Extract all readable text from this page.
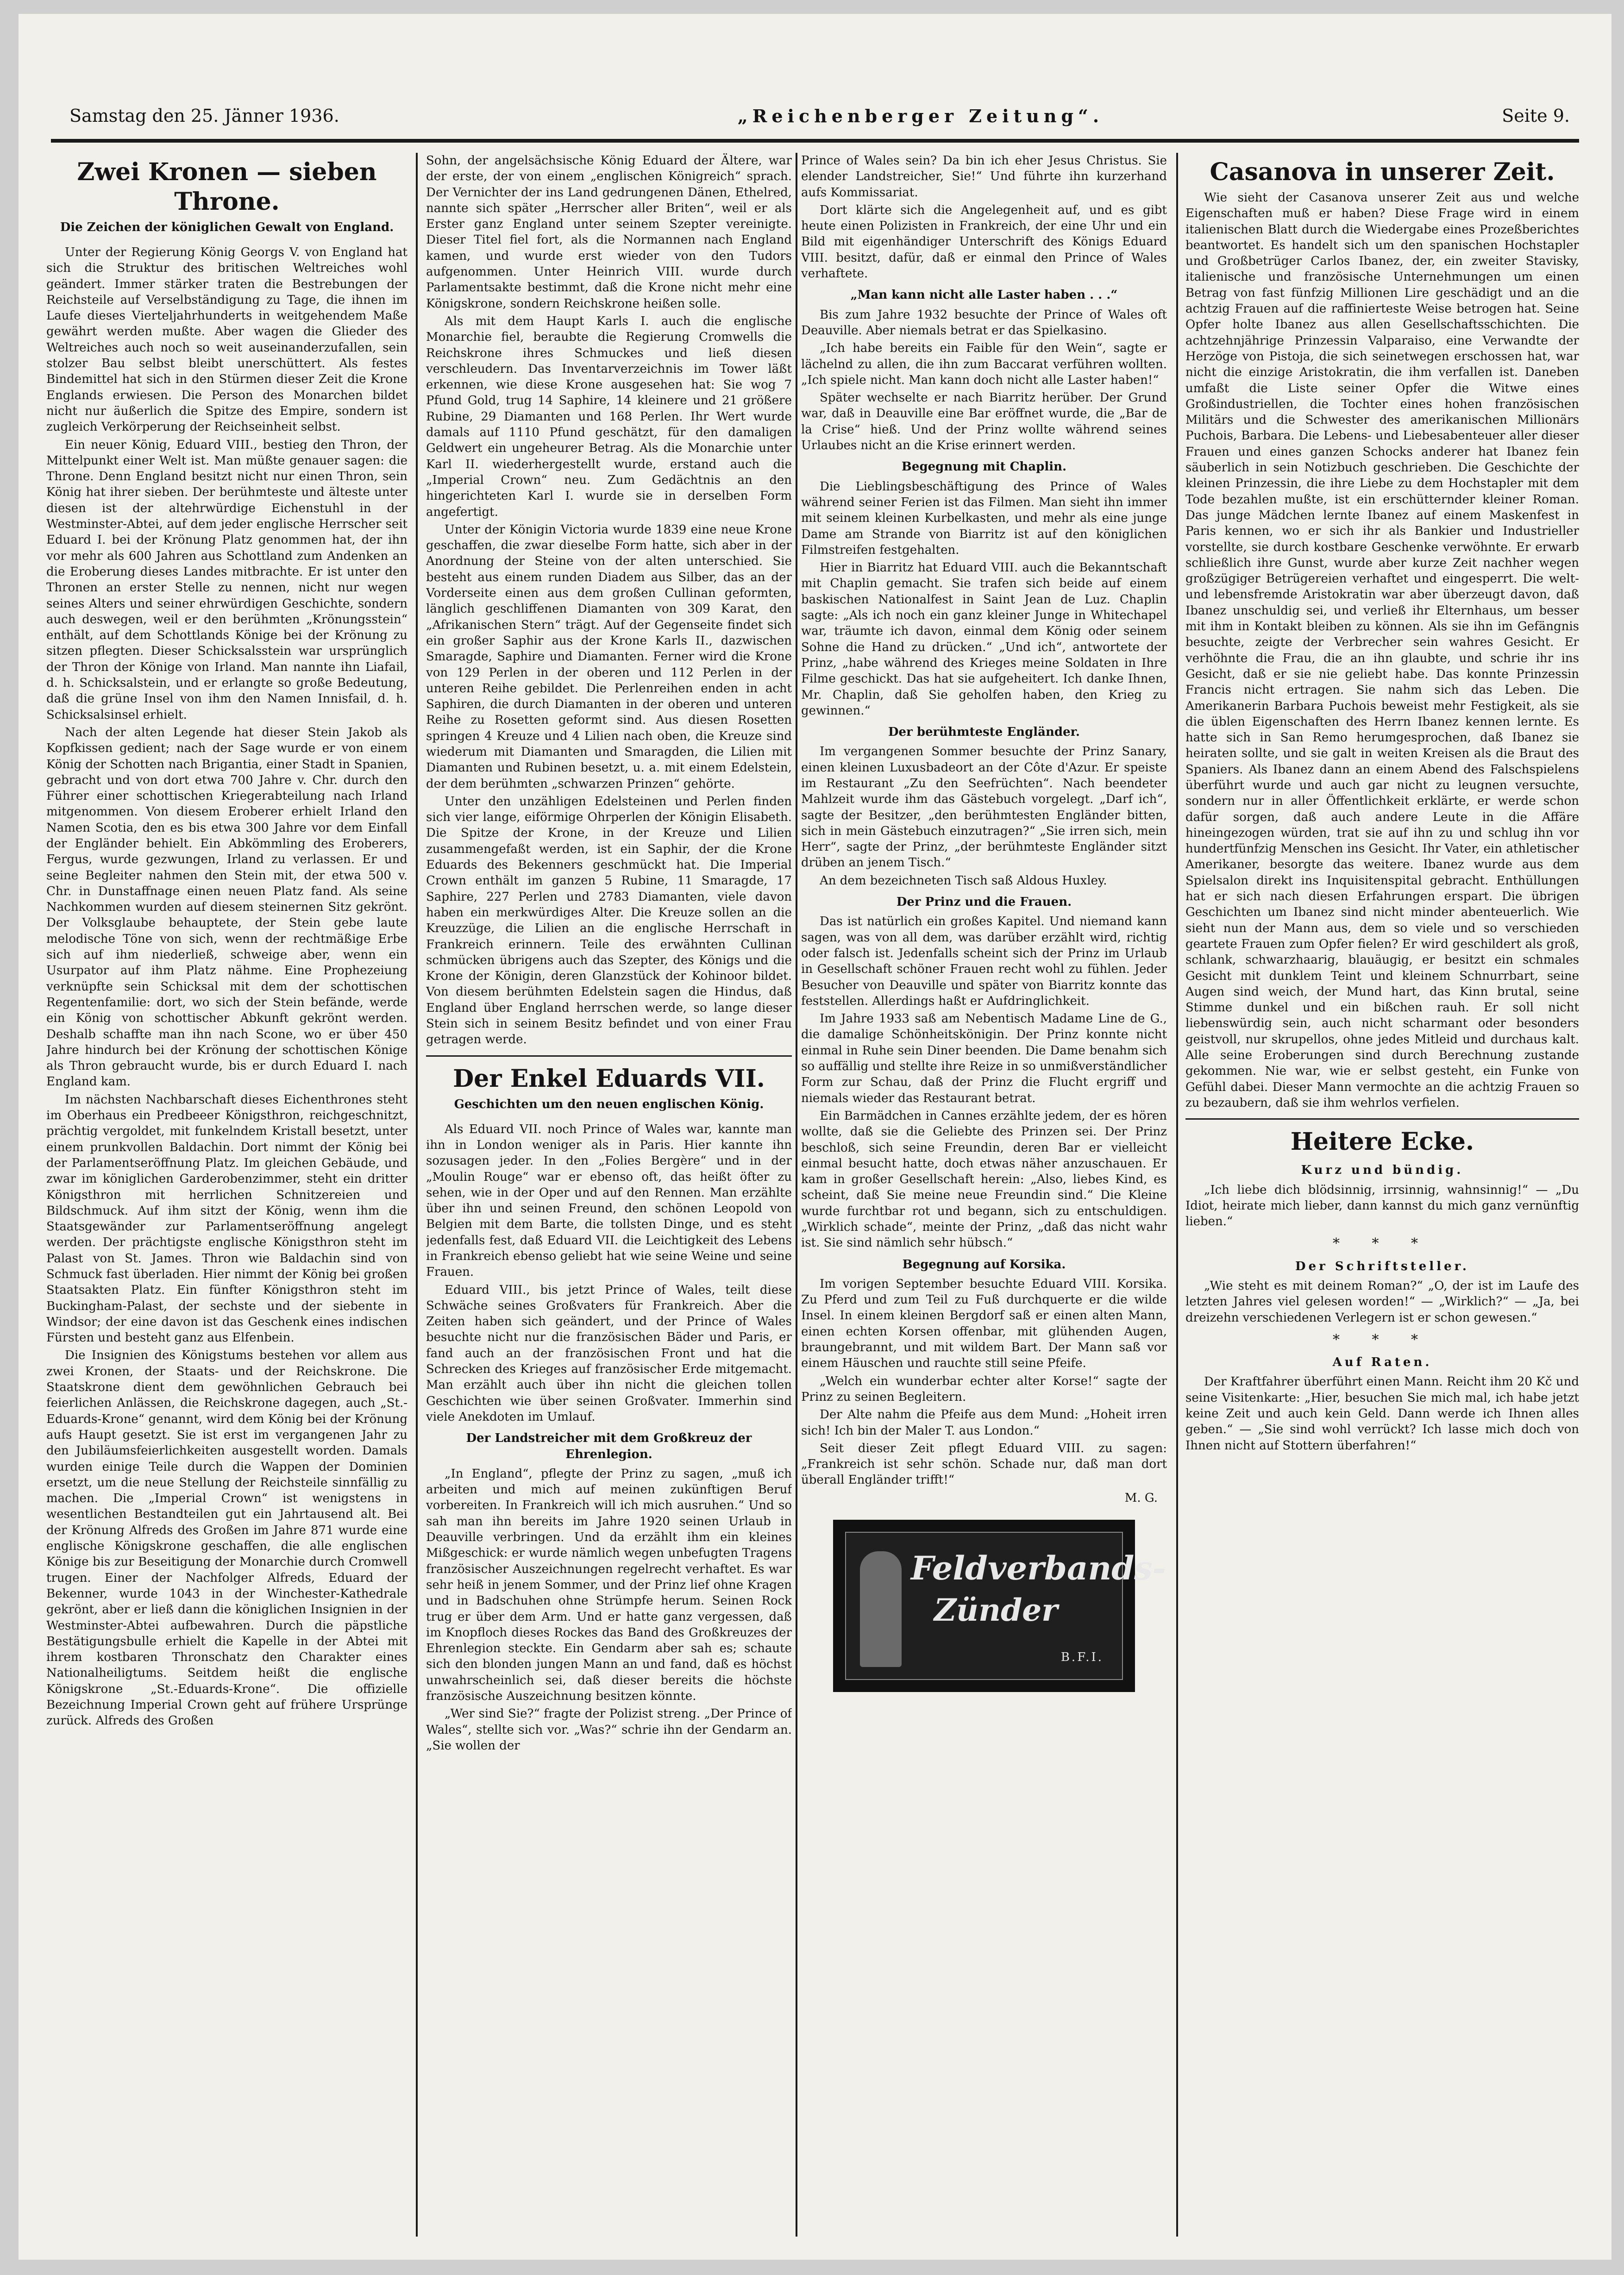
Samstag den 25. Jänner 1936.	„Reichenberger Zeitung“.	Seite 9.
Zwei Kronen — sieben Throne.
Die Zeichen der königlichen Gewalt von England.

Unter der Regierung König Georgs V. von England hat sich die Struktur des britischen Weltreiches wohl geändert. Immer stärker traten die Bestrebungen der Reichsteile auf Verselbständigung zu Tage, die ihnen im Laufe dieses Vierteljahrhunderts in weitgehendem Maße gewährt werden mußte. Aber wagen die Glieder des Weltreiches auch noch so weit auseinanderzufallen, sein stolzer Bau selbst bleibt unerschüttert. Als festes Bindemittel hat sich in den Stürmen dieser Zeit die Krone Englands erwiesen. Die Person des Monarchen bildet nicht nur äußerlich die Spitze des Empire, sondern ist zugleich Verkörperung der Reichseinheit selbst.

Ein neuer König, Eduard VIII., bestieg den Thron, der Mittelpunkt einer Welt ist. Man müßte genauer sagen: die Throne. Denn England besitzt nicht nur einen Thron, sein König hat ihrer sieben. Der berühmteste und älteste unter diesen ist der altehrwürdige Eichenstuhl in der Westminster-Abtei, auf dem jeder englische Herrscher seit Eduard I. bei der Krönung Platz genommen hat, der ihn vor mehr als 600 Jahren aus Schottland zum Andenken an die Eroberung dieses Landes mitbrachte. Er ist unter den Thronen an erster Stelle zu nennen, nicht nur wegen seines Alters und seiner ehrwürdigen Geschichte, sondern auch deswegen, weil er den berühmten „Krönungsstein“ enthält, auf dem Schottlands Könige bei der Krönung zu sitzen pflegten. Dieser Schicksalsstein war ursprünglich der Thron der Könige von Irland. Man nannte ihn Liafail, d. h. Schicksalstein, und er erlangte so große Bedeutung, daß die grüne Insel von ihm den Namen Innisfail, d. h. Schicksalsinsel erhielt.

Nach der alten Legende hat dieser Stein Jakob als Kopfkissen gedient; nach der Sage wurde er von einem König der Schotten nach Brigantia, einer Stadt in Spanien, gebracht und von dort etwa 700 Jahre v. Chr. durch den Führer einer schottischen Kriegerabteilung nach Irland mitgenommen. Von diesem Eroberer erhielt Irland den Namen Scotia, den es bis etwa 300 Jahre vor dem Einfall der Engländer behielt. Ein Abkömmling des Eroberers, Fergus, wurde gezwungen, Irland zu verlassen. Er und seine Begleiter nahmen den Stein mit, der etwa 500 v. Chr. in Dunstaffnage einen neuen Platz fand. Als seine Nachkommen wurden auf diesem steinernen Sitz gekrönt. Der Volksglaube behauptete, der Stein gebe laute melodische Töne von sich, wenn der rechtmäßige Erbe sich auf ihm niederließ, schweige aber, wenn ein Usurpator auf ihm Platz nähme. Eine Prophezeiung verknüpfte sein Schicksal mit dem der schottischen Regentenfamilie: dort, wo sich der Stein befände, werde ein König von schottischer Abkunft gekrönt werden. Deshalb schaffte man ihn nach Scone, wo er über 450 Jahre hindurch bei der Krönung der schottischen Könige als Thron gebraucht wurde, bis er durch Eduard I. nach England kam.

Im nächsten Nachbarschaft dieses Eichenthrones steht im Oberhaus ein Predbeeer Königsthron, reichgeschnitzt, prächtig vergoldet, mit funkelndem Kristall besetzt, unter einem prunkvollen Baldachin. Dort nimmt der König bei der Parlamentseröffnung Platz. Im gleichen Gebäude, und zwar im königlichen Garderobenzimmer, steht ein dritter Königsthron mit herrlichen Schnitzereien und Bildschmuck. Auf ihm sitzt der König, wenn ihm die Staatsgewänder zur Parlamentseröffnung angelegt werden. Der prächtigste englische Königsthron steht im Palast von St. James. Thron wie Baldachin sind von Schmuck fast überladen. Hier nimmt der König bei großen Staatsakten Platz. Ein fünfter Königsthron steht im Buckingham-Palast, der sechste und der siebente in Windsor; der eine davon ist das Geschenk eines indischen Fürsten und besteht ganz aus Elfenbein.

Die Insignien des Königstums bestehen vor allem aus zwei Kronen, der Staats- und der Reichskrone. Die Staatskrone dient dem gewöhnlichen Gebrauch bei feierlichen Anlässen, die Reichskrone dagegen, auch „St.-Eduards-Krone“ genannt, wird dem König bei der Krönung aufs Haupt gesetzt. Sie ist erst im vergangenen Jahr zu den Jubiläumsfeierlichkeiten ausgestellt worden. Damals wurden einige Teile durch die Wappen der Dominien ersetzt, um die neue Stellung der Reichsteile sinnfällig zu machen. Die „Imperial Crown“ ist wenigstens in wesentlichen Bestandteilen gut ein Jahrtausend alt. Bei der Krönung Alfreds des Großen im Jahre 871 wurde eine englische Königskrone geschaffen, die alle englischen Könige bis zur Beseitigung der Monarchie durch Cromwell trugen. Einer der Nachfolger Alfreds, Eduard der Bekenner, wurde 1043 in der Winchester-Kathedrale gekrönt, aber er ließ dann die königlichen Insignien in der Westminster-Abtei aufbewahren. Durch die päpstliche Bestätigungsbulle erhielt die Kapelle in der Abtei mit ihrem kostbaren Thronschatz den Charakter eines Nationalheiligtums. Seitdem heißt die englische Königskrone „St.-Eduards-Krone“. Die offizielle Bezeichnung Imperial Crown geht auf frühere Ursprünge zurück. Alfreds des Großen

Sohn, der angelsächsische König Eduard der Ältere, war der erste, der von einem „englischen Königreich“ sprach. Der Vernichter der ins Land gedrungenen Dänen, Ethelred, nannte sich später „Herrscher aller Briten“, weil er als Erster ganz England unter seinem Szepter vereinigte. Dieser Titel fiel fort, als die Normannen nach England kamen, und wurde erst wieder von den Tudors aufgenommen. Unter Heinrich VIII. wurde durch Parlamentsakte bestimmt, daß die Krone nicht mehr eine Königskrone, sondern Reichskrone heißen solle.

Als mit dem Haupt Karls I. auch die englische Monarchie fiel, beraubte die Regierung Cromwells die Reichskrone ihres Schmuckes und ließ diesen verschleudern. Das Inventarverzeichnis im Tower läßt erkennen, wie diese Krone ausgesehen hat: Sie wog 7 Pfund Gold, trug 14 Saphire, 14 kleinere und 21 größere Rubine, 29 Diamanten und 168 Perlen. Ihr Wert wurde damals auf 1110 Pfund geschätzt, für den damaligen Geldwert ein ungeheurer Betrag. Als die Monarchie unter Karl II. wiederhergestellt wurde, erstand auch die „Imperial Crown“ neu. Zum Gedächtnis an den hingerichteten Karl I. wurde sie in derselben Form angefertigt.

Unter der Königin Victoria wurde 1839 eine neue Krone geschaffen, die zwar dieselbe Form hatte, sich aber in der Anordnung der Steine von der alten unterschied. Sie besteht aus einem runden Diadem aus Silber, das an der Vorderseite einen aus dem großen Cullinan geformten, länglich geschliffenen Diamanten von 309 Karat, den „Afrikanischen Stern“ trägt. Auf der Gegenseite findet sich ein großer Saphir aus der Krone Karls II., dazwischen Smaragde, Saphire und Diamanten. Ferner wird die Krone von 129 Perlen in der oberen und 112 Perlen in der unteren Reihe gebildet. Die Perlenreihen enden in acht Saphiren, die durch Diamanten in der oberen und unteren Reihe zu Rosetten geformt sind. Aus diesen Rosetten springen 4 Kreuze und 4 Lilien nach oben, die Kreuze sind wiederum mit Diamanten und Smaragden, die Lilien mit Diamanten und Rubinen besetzt, u. a. mit einem Edelstein, der dem berühmten „schwarzen Prinzen“ gehörte.

Unter den unzähligen Edelsteinen und Perlen finden sich vier lange, eiförmige Ohrperlen der Königin Elisabeth. Die Spitze der Krone, in der Kreuze und Lilien zusammengefaßt werden, ist ein Saphir, der die Krone Eduards des Bekenners geschmückt hat. Die Imperial Crown enthält im ganzen 5 Rubine, 11 Smaragde, 17 Saphire, 227 Perlen und 2783 Diamanten, viele davon haben ein merkwürdiges Alter. Die Kreuze sollen an die Kreuzzüge, die Lilien an die englische Herrschaft in Frankreich erinnern. Teile des erwähnten Cullinan schmücken übrigens auch das Szepter, des Königs und die Krone der Königin, deren Glanzstück der Kohinoor bildet. Von diesem berühmten Edelstein sagen die Hindus, daß England über England herrschen werde, so lange dieser Stein sich in seinem Besitz befindet und von einer Frau getragen werde.

Der Enkel Eduards VII.
Geschichten um den neuen englischen König.

Als Eduard VII. noch Prince of Wales war, kannte man ihn in London weniger als in Paris. Hier kannte ihn sozusagen jeder. In den „Folies Bergère“ und in der „Moulin Rouge“ war er ebenso oft, das heißt öfter zu sehen, wie in der Oper und auf den Rennen. Man erzählte über ihn und seinen Freund, den schönen Leopold von Belgien mit dem Barte, die tollsten Dinge, und es steht jedenfalls fest, daß Eduard VII. die Leichtigkeit des Lebens in Frankreich ebenso geliebt hat wie seine Weine und seine Frauen.

Eduard VIII., bis jetzt Prince of Wales, teilt diese Schwäche seines Großvaters für Frankreich. Aber die Zeiten haben sich geändert, und der Prince of Wales besuchte nicht nur die französischen Bäder und Paris, er fand auch an der französischen Front und hat die Schrecken des Krieges auf französischer Erde mitgemacht. Man erzählt auch über ihn nicht die gleichen tollen Geschichten wie über seinen Großvater. Immerhin sind viele Anekdoten im Umlauf.

Der Landstreicher mit dem Großkreuz der Ehrenlegion.

„In England“, pflegte der Prinz zu sagen, „muß ich arbeiten und mich auf meinen zukünftigen Beruf vorbereiten. In Frankreich will ich mich ausruhen.“ Und so sah man ihn bereits im Jahre 1920 seinen Urlaub in Deauville verbringen. Und da erzählt ihm ein kleines Mißgeschick: er wurde nämlich wegen unbefugten Tragens französischer Auszeichnungen regelrecht verhaftet. Es war sehr heiß in jenem Sommer, und der Prinz lief ohne Kragen und in Badschuhen ohne Strümpfe herum. Seinen Rock trug er über dem Arm. Und er hatte ganz vergessen, daß im Knopfloch dieses Rockes das Band des Großkreuzes der Ehrenlegion steckte. Ein Gendarm aber sah es; schaute sich den blonden jungen Mann an und fand, daß es höchst unwahrscheinlich sei, daß dieser bereits die höchste französische Auszeichnung besitzen könnte.

„Wer sind Sie?“ fragte der Polizist streng. „Der Prince of Wales“, stellte sich vor. „Was?“ schrie ihn der Gendarm an. „Sie wollen der

Prince of Wales sein? Da bin ich eher Jesus Christus. Sie elender Landstreicher, Sie!“ Und führte ihn kurzerhand aufs Kommissariat.

Dort klärte sich die Angelegenheit auf, und es gibt heute einen Polizisten in Frankreich, der eine Uhr und ein Bild mit eigenhändiger Unterschrift des Königs Eduard VIII. besitzt, dafür, daß er einmal den Prince of Wales verhaftete.

„Man kann nicht alle Laster haben . . .“

Bis zum Jahre 1932 besuchte der Prince of Wales oft Deauville. Aber niemals betrat er das Spielkasino.

„Ich habe bereits ein Faible für den Wein“, sagte er lächelnd zu allen, die ihn zum Baccarat verführen wollten. „Ich spiele nicht. Man kann doch nicht alle Laster haben!“

Später wechselte er nach Biarritz herüber. Der Grund war, daß in Deauville eine Bar eröffnet wurde, die „Bar de la Crise“ hieß. Und der Prinz wollte während seines Urlaubes nicht an die Krise erinnert werden.

Begegnung mit Chaplin.

Die Lieblingsbeschäftigung des Prince of Wales während seiner Ferien ist das Filmen. Man sieht ihn immer mit seinem kleinen Kurbelkasten, und mehr als eine junge Dame am Strande von Biarritz ist auf den königlichen Filmstreifen festgehalten.

Hier in Biarritz hat Eduard VIII. auch die Bekanntschaft mit Chaplin gemacht. Sie trafen sich beide auf einem baskischen Nationalfest in Saint Jean de Luz. Chaplin sagte: „Als ich noch ein ganz kleiner Junge in Whitechapel war, träumte ich davon, einmal dem König oder seinem Sohne die Hand zu drücken.“ „Und ich“, antwortete der Prinz, „habe während des Krieges meine Soldaten in Ihre Filme geschickt. Das hat sie aufgeheitert. Ich danke Ihnen, Mr. Chaplin, daß Sie geholfen haben, den Krieg zu gewinnen.“

Der berühmteste Engländer.

Im vergangenen Sommer besuchte der Prinz Sanary, einen kleinen Luxusbadeort an der Côte d'Azur. Er speiste im Restaurant „Zu den Seefrüchten“. Nach beendeter Mahlzeit wurde ihm das Gästebuch vorgelegt. „Darf ich“, sagte der Besitzer, „den berühmtesten Engländer bitten, sich in mein Gästebuch einzutragen?“ „Sie irren sich, mein Herr“, sagte der Prinz, „der berühmteste Engländer sitzt drüben an jenem Tisch.“

An dem bezeichneten Tisch saß Aldous Huxley.

Der Prinz und die Frauen.

Das ist natürlich ein großes Kapitel. Und niemand kann sagen, was von all dem, was darüber erzählt wird, richtig oder falsch ist. Jedenfalls scheint sich der Prinz im Urlaub in Gesellschaft schöner Frauen recht wohl zu fühlen. Jeder Besucher von Deauville und später von Biarritz konnte das feststellen. Allerdings haßt er Aufdringlichkeit.

Im Jahre 1933 saß am Nebentisch Madame Line de G., die damalige Schönheitskönigin. Der Prinz konnte nicht einmal in Ruhe sein Diner beenden. Die Dame benahm sich so auffällig und stellte ihre Reize in so unmißverständlicher Form zur Schau, daß der Prinz die Flucht ergriff und niemals wieder das Restaurant betrat.

Ein Barmädchen in Cannes erzählte jedem, der es hören wollte, daß sie die Geliebte des Prinzen sei. Der Prinz beschloß, sich seine Freundin, deren Bar er vielleicht einmal besucht hatte, doch etwas näher anzuschauen. Er kam in großer Gesellschaft herein: „Also, liebes Kind, es scheint, daß Sie meine neue Freundin sind.“ Die Kleine wurde furchtbar rot und begann, sich zu entschuldigen. „Wirklich schade“, meinte der Prinz, „daß das nicht wahr ist. Sie sind nämlich sehr hübsch.“

Begegnung auf Korsika.

Im vorigen September besuchte Eduard VIII. Korsika. Zu Pferd und zum Teil zu Fuß durchquerte er die wilde Insel. In einem kleinen Bergdorf saß er einen alten Mann, einen echten Korsen offenbar, mit glühenden Augen, braungebrannt, und mit wildem Bart. Der Mann saß vor einem Häuschen und rauchte still seine Pfeife.

„Welch ein wunderbar echter alter Korse!“ sagte der Prinz zu seinen Begleitern.

Der Alte nahm die Pfeife aus dem Mund: „Hoheit irren sich! Ich bin der Maler T. aus London.“

Seit dieser Zeit pflegt Eduard VIII. zu sagen: „Frankreich ist sehr schön. Schade nur, daß man dort überall Engländer trifft!“

M. G.
Feldverbands-
Zünder
B.F.I.
Casanova in unserer Zeit.

Wie sieht der Casanova unserer Zeit aus und welche Eigenschaften muß er haben? Diese Frage wird in einem italienischen Blatt durch die Wiedergabe eines Prozeßberichtes beantwortet. Es handelt sich um den spanischen Hochstapler und Großbetrüger Carlos Ibanez, der, ein zweiter Stavisky, italienische und französische Unternehmungen um einen Betrag von fast fünfzig Millionen Lire geschädigt und an die achtzig Frauen auf die raffinierteste Weise betrogen hat. Seine Opfer holte Ibanez aus allen Gesellschaftsschichten. Die achtzehnjährige Prinzessin Valparaiso, eine Verwandte der Herzöge von Pistoja, die sich seinetwegen erschossen hat, war nicht die einzige Aristokratin, die ihm verfallen ist. Daneben umfaßt die Liste seiner Opfer die Witwe eines Großindustriellen, die Tochter eines hohen französischen Militärs und die Schwester des amerikanischen Millionärs Puchois, Barbara. Die Lebens- und Liebesabenteuer aller dieser Frauen und eines ganzen Schocks anderer hat Ibanez fein säuberlich in sein Notizbuch geschrieben. Die Geschichte der kleinen Prinzessin, die ihre Liebe zu dem Hochstapler mit dem Tode bezahlen mußte, ist ein erschütternder kleiner Roman. Das junge Mädchen lernte Ibanez auf einem Maskenfest in Paris kennen, wo er sich ihr als Bankier und Industrieller vorstellte, sie durch kostbare Geschenke verwöhnte. Er erwarb schließlich ihre Gunst, wurde aber kurze Zeit nachher wegen großzügiger Betrügereien verhaftet und eingesperrt. Die welt- und lebensfremde Aristokratin war aber überzeugt davon, daß Ibanez unschuldig sei, und verließ ihr Elternhaus, um besser mit ihm in Kontakt bleiben zu können. Als sie ihn im Gefängnis besuchte, zeigte der Verbrecher sein wahres Gesicht. Er verhöhnte die Frau, die an ihn glaubte, und schrie ihr ins Gesicht, daß er sie nie geliebt habe. Das konnte Prinzessin Francis nicht ertragen. Sie nahm sich das Leben. Die Amerikanerin Barbara Puchois beweist mehr Festigkeit, als sie die üblen Eigenschaften des Herrn Ibanez kennen lernte. Es hatte sich in San Remo herumgesprochen, daß Ibanez sie heiraten sollte, und sie galt in weiten Kreisen als die Braut des Spaniers. Als Ibanez dann an einem Abend des Falschspielens überführt wurde und auch gar nicht zu leugnen versuchte, sondern nur in aller Öffentlichkeit erklärte, er werde schon dafür sorgen, daß auch andere Leute in die Affäre hineingezogen würden, trat sie auf ihn zu und schlug ihn vor hundertfünfzig Menschen ins Gesicht. Ihr Vater, ein athletischer Amerikaner, besorgte das weitere. Ibanez wurde aus dem Spielsalon direkt ins Inquisitenspital gebracht. Enthüllungen hat er sich nach diesen Erfahrungen erspart. Die übrigen Geschichten um Ibanez sind nicht minder abenteuerlich. Wie sieht nun der Mann aus, dem so viele und so verschieden geartete Frauen zum Opfer fielen? Er wird geschildert als groß, schlank, schwarzhaarig, blauäugig, er besitzt ein schmales Gesicht mit dunklem Teint und kleinem Schnurrbart, seine Augen sind weich, der Mund hart, das Kinn brutal, seine Stimme dunkel und ein bißchen rauh. Er soll nicht liebenswürdig sein, auch nicht scharmant oder besonders geistvoll, nur skrupellos, ohne jedes Mitleid und durchaus kalt. Alle seine Eroberungen sind durch Berechnung zustande gekommen. Nie war, wie er selbst gesteht, ein Funke von Gefühl dabei. Dieser Mann vermochte an die achtzig Frauen so zu bezaubern, daß sie ihm wehrlos verfielen.

Heitere Ecke.
Kurz und bündig.

„Ich liebe dich blödsinnig, irrsinnig, wahnsinnig!“ — „Du Idiot, heirate mich lieber, dann kannst du mich ganz vernünftig lieben.“

* * *
Der Schriftsteller.

„Wie steht es mit deinem Roman?“ „O, der ist im Laufe des letzten Jahres viel gelesen worden!“ — „Wirklich?“ — „Ja, bei dreizehn verschiedenen Verlegern ist er schon gewesen.“

* * *
Auf Raten.

Der Kraftfahrer überführt einen Mann. Reicht ihm 20 Kč und seine Visitenkarte: „Hier, besuchen Sie mich mal, ich habe jetzt keine Zeit und auch kein Geld. Dann werde ich Ihnen alles geben.“ — „Sie sind wohl verrückt? Ich lasse mich doch von Ihnen nicht auf Stottern überfahren!“
